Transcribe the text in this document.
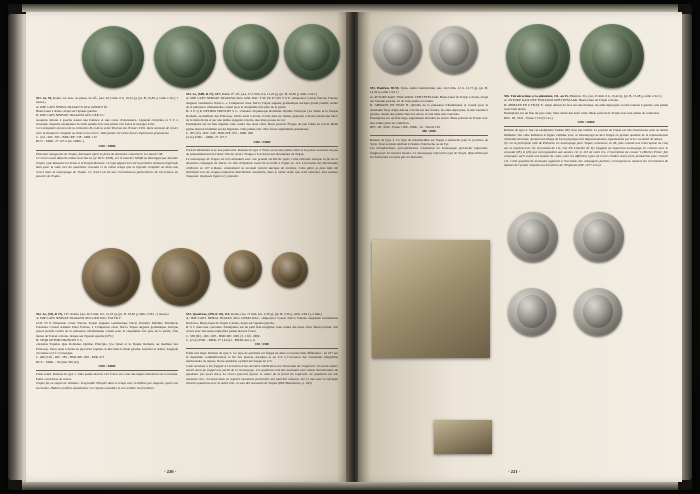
551. As, M, Rome, 1er ann., 2e phase, 2e off., (Ae, 26,5 mm, 6 h, 10,22 g), (pl. B, 10,82 g, taille 1/16.), ? monn.)
A/ IMP CAES NERVA TRAIAN N AVG GERM P M
Buste lauré à droite, drapé sur l'épaule gauche.
R/ IMP CAES NERVAE TRAIANO AVG GER S C
Aequitas debout à gauche tenant une balance et une corne d'abondance. Légende circulaire et S C à l'exergue. Superbe exemplaire de belle qualité avec une patine vert foncé et un léger éclat.
Cet exemplaire provient de la collection B. et de la vente Vinchon du 18 mars 1991. Rare variante de revers avec la titulature complète au droit et au revers. Jolie patine vert olive foncé, légèrement granuleuse.
C. 414 - RIC. 395 - BMC/RE. 738 - MIR. 137
RCV. - MRK. 27 127-3 (ex c4000.-)
1350 / 1800€
Émission inaugurale de Trajan, fabriquée après la prise du deuxième consulat le 1er janvier 98.
Ce revers avait déjà été utilisé sous Nerva (cf. RCV. 3078), sur le boucher SPQR ou développé par Antonin Trajan. Que Romaine lui Senat et le Peuple Romain. Ce type apparu lors de la première émission impériale dont pour la suite lors du quatrième consulat et en même temps que la légende complète au droit aux revers dans la monnayage de Trajan. Ce revers est lié aux circonstances particulières de l'accession au pouvoir de Trajan.
552. As, (M), R 27), 197, Rome, (Ae, 26,5 mm, 6 h, 12,23 g), (pl. B, 10,82 g, taille 1/30 l., 2 monn.)
A/ IMP CAES NERVAE TRAIANO AVG GER DAC P M TR P
COS VI P. Empereur César Nervae Trajan Auguste Germanique Dacie Pontifex Maxime Tribunicia Potestate Consul sixième Pater Patriae, à L'empereur césar Nerva Trajan auguste germanique dacique grand pontife revêtu de la puissance tribunitienne consul pour la cinquième fois père de la patrie. Une laurée de Trajan à droite, drapée sur l'épaule gauche (O°C)
R/ SPQR OPTIMO PRINCIPI S C.
«Senatus Populus Que Romanus Optimo Principio, (Le Sénat et le Peuple Romain, au meilleur des Princes)». Dace assis à droite au pied d'un trophée, la tête dans la main gauche, bouclier et armes. Légende circulaire et S C à l'exergue.
C. 469 (12f) - RIC. 585 - BMC/RE. 938 - MIR. 471
RCV. - MRK. - Woytek 356 (ex)
1950 / 3000€
Poids lourd. Rubans de type 1. Jolie patine marron vert foncé avec une très légère ébréchure sur la tranche. Petite concrétion au revers.
Trajan fut un empereur militaire. Il agrandit l'Empire dans le temps avec la défaite par Auguste, après son accession. Hadrien préféra abandonner ces régions instables et con-solider les frontières.
553. As, (MB, R 27), 107, Rome, 8° off., (Ae, 27,5 mm, 6 h, 11,23 g), (pl. B, 10,82 g, taille 1/24 l.)
A/ IMP CAES NERVAE TRAIANO AVG GER DAC P M TR P COS V P P. «Imperator Caesar Nervae Traiano Augusto Germanico Dacico...» L'empereur césar Nerva Trajan auguste germanique dacique grand pontife revêtu de la puissance tribunitienne consul pour la cinquième fois père de la patrie.
R/ S P Q R OPTIMO PRINCIPI S C. «Senatus Populusque Romanus Optimo Principio (Le Sénat et le Peuple Romain, au meilleur des Princes)». Dacie assis à droite, la tête dans les mains, galopant à droite tenant une lance de la main droite et sur une jambe appuyée à droite, une lance posée au sol.
Exemplaire sur un flan régulier, bien centré des deux côtés. Beau portrait. Frappe un peu faible au revers. Belle patine marron brouillée sur les légendes. Jolie patine vert olive foncé, légèrement granuleuse.
C. 505 (1f) - RIC. 540 - BMC/RE. 931 - MIR. 298
(2 ex) 2500/- - MRK. 27 127-7
1450 / 2500€
Portrait inhabituel avec une petite tête. Rubans de type 3. Nous avons une patine verte et la portée au revers un peu de polissement/ant de l'autre côté du revers. Frappe à l'occasion des décennales de Trajan.
Le monnayage de Trajan est très abondant avec une grande variété de types. Cette émission marque la fin de la deuxième campagne de Dacie. Le titre d'Optimus avait été accordé à Trajan en 114. L'occasion des Decennalia célébrées en 107 à Rome, commémore la seconde victoire dacique de Licinius. Cette pièce se pose idée été distribuée lors de congia-congiaires distribution monétaire, dans le même ordre que cette émission, tous avaient l'Auguste. Quelques figures s'y ajoutent.
554. Quadrans, (PB, R 18), 115, Rome, (Ae, 17 mm, 6 h, 2,39 g), (pl. B, 3,39 g, taille 1/64 l.), 2 mm.)
A/ IMP CAES NERVA TRAIAN AVG GERM DAC. «Imperator Caesar Nerva Traiano Augustus Germanicus Dacicus». Buste lauré de Trajan à droite, drapé sur l'épaule gauche.
R/ S C dans une couronne. Exemplaire sur un petit flan irrégulier, bien centré des deux côtés. Beau portrait. Joli revers avec une usure régu-lière patine marron foncé.
C. 338 (6f.) - RIC. 695 - BMC/RE. 1061 (f. 1 bf) - MIR.
C. (2 ex) 3500. - MRK. 27 144 (ex - BN/RI 441 p 1)
150 / 250€
Poids très léger. Rubans de type 2. Ce type de quadrans est frappé en deux occasions bien différentes : en 107 par la deuxième commémoration la fin des guerres daciques et en 115 à l'occasion des vicennalia (vingtième anniversaire de règne). Notre quadrans a plutôt été frappé en 115.
Cette monnaie a été frappée à l'occasion d'une dernière célébration les Vicennalia de l'empereur. Un autre atelier aurait aussi pu frappé une partie de ce monnayage. Les quadrans sont des monnaies avec valeur divisionnaire du quadrans (un quart d'as). Le revers pourrait figurer le statue de la forest du Capi-tole. Le quadrans est une monnaie rare, circulant dans un registre monétaire particulier des marchés romains. Sur ce mot avec la refrappe d'autres quadrans avec la même tête, ce sont des monnaies de Trajan (Hill Monuments, p. 103).
- 220 -
555. Hadrien, 98-99, Syrie, atelier indéterminé, (Ar, 24,5 mm, 12 h, 12,73 g), (pl. B, 12,39 g, taille 1/24 l.)
A/ AVTOKP KAIC TPAI-ANOC CEB ΓΕΡΜ ΔΑΚ. Buste lauré de Trajan à droite, drapé sur l'épaule gauche, vu de trois quarts en arrière.
R/ ΔΗΜΑΡΧ ΕΞ ΥΠΑΤ B. (Revêtu de la puissance tribunitienne et consul pour la deuxième fois). Aigle debout à droite sur une foudre, les ailes déployées, la tête tournée à gauche, tenant une palme dans les serres, le tout dans une couronne.
Exemplaire sur un flan large, légèrement décentré au revers. Beau portrait de Trajan avec une patine grise de collection.
RPC. III, 3529 - Prieur 1500 - BMC. 16 - Wruck 150
380 / 600€
Rubans de type 3. Ce type de tétradrachme est frappé à Antioche pour la province de Syrie. Il est souvent attribué à l'atelier d'Antioche ou de Tyr.
Les tétradrachmes syro-phéniciens constituent un monnayage provincial important, frappé pour les besoins locaux. Ce monnayage reprend le type de l'aigle, déjà utilisé par les Séleucides et repris par les Romains.
556. Tétradrachme syro-phénicien, 111, an 15, Phénicie, Tyr, (Ar, 25 mm, 6 h, 13,42 g), (pl. B, 13,48 g, taille 1/24 l.)
A/ ΑΥΤΟΚΡ ΚΑΙΣ ΝΕΡ ΤΡΑΙΑΝΟΣ ΣΕΒ ΓΕΡΜ ΔΑΚ. Buste lauré de Trajan à droite.
R/ ΔΗΜΑΡΧ ΕΞ Ζ ΥΠΑΤ. Ε. Aigle debout de face sur une massue, les ailes déployées, la tête tournée à gauche, une palme sous l'aile droite.
Exemplaire sur un flan un peu court, bien centré des deux côtés. Beau portrait de Trajan avec une patine de collection.
RPC. III, 3541 - Prieur 1515 (51 ex.)
1250 / 2000€
Rubans de type 2. Sur cet exemplaire l'année (IE) n'est pas visible. Le portrait de Trajan est très classicisant, plus ou moins hellénisé. Sur cette émission la figure culmine avec ce monnayage de mot frappé en grande quantité de la représentation culturelle du buste, devient une image de force physique très impressionnante, représentant par le le cou motif de lettres.
Tyr est la principale ville de Phénicie. Le monnayage pour Trajan commence en 98, puis connaît une interruption de cinq ans et reprend avec les vicennalia de 111, l'an XV. L'atelier de Tyr frappait un important monnayage en continu avec le consulat (IE) et (IZ) qui correspondent aux années 111 et 113 de notre ère. L'inscription de consul V (Michel Prieur fait remarquer qu'il existe une liaison de coins entre les différents types de revers l'indice d'une forte production pour l'année 111. Cette quantité de monnaies apparaît à l'occasion des campagnes parthes, correspond au moment du recrutement de légions de l'armée romaine aux frontières de l'Euphrate (PR. 1477-1522).
- 221 -
